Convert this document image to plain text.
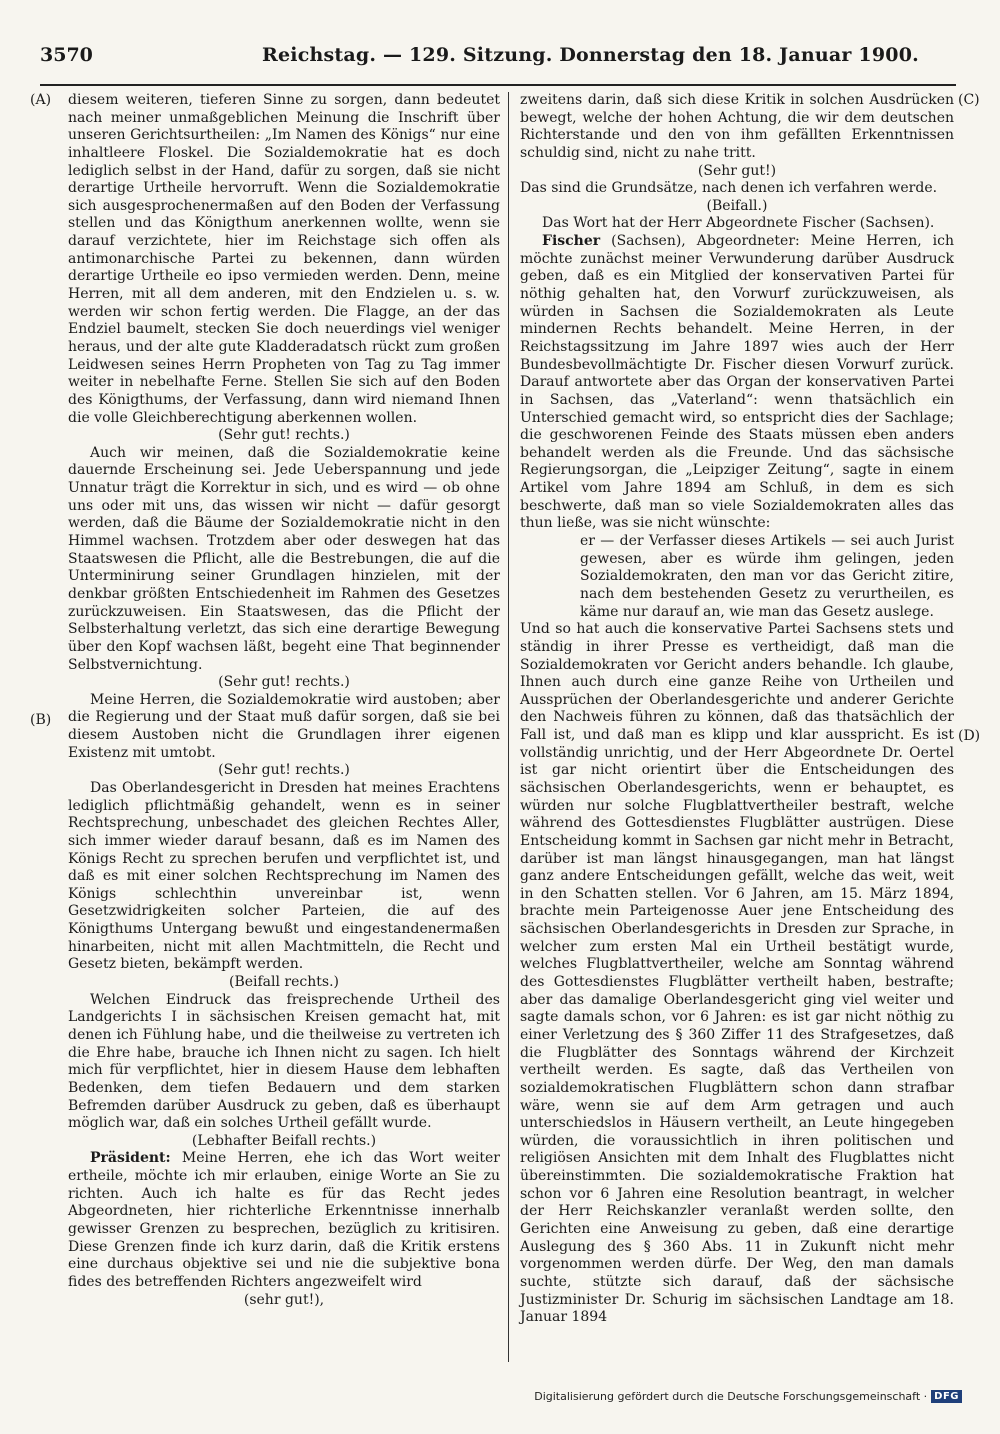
3570	Reichstag. — 129. Sitzung. Donnerstag den 18. Januar 1900.
(A)
(B)
(C)
(D)

diesem weiteren, tieferen Sinne zu sorgen, dann bedeutet nach meiner unmaßgeblichen Meinung die Inschrift über unseren Gerichtsurtheilen: „Im Namen des Königs“ nur eine inhaltleere Floskel. Die Sozialdemokratie hat es doch lediglich selbst in der Hand, dafür zu sorgen, daß sie nicht derartige Urtheile hervorruft. Wenn die Sozialdemokratie sich ausgesprochenermaßen auf den Boden der Verfassung stellen und das Königthum anerkennen wollte, wenn sie darauf verzichtete, hier im Reichstage sich offen als antimonarchische Partei zu bekennen, dann würden derartige Urtheile eo ipso vermieden werden. Denn, meine Herren, mit all dem anderen, mit den Endzielen u. s. w. werden wir schon fertig werden. Die Flagge, an der das Endziel baumelt, stecken Sie doch neuerdings viel weniger heraus, und der alte gute Kladderadatsch rückt zum großen Leidwesen seines Herrn Propheten von Tag zu Tag immer weiter in nebelhafte Ferne. Stellen Sie sich auf den Boden des Königthums, der Verfassung, dann wird niemand Ihnen die volle Gleichberechtigung aberkennen wollen.

(Sehr gut! rechts.)

Auch wir meinen, daß die Sozialdemokratie keine dauernde Erscheinung sei. Jede Ueberspannung und jede Unnatur trägt die Korrektur in sich, und es wird — ob ohne uns oder mit uns, das wissen wir nicht — dafür gesorgt werden, daß die Bäume der Sozialdemokratie nicht in den Himmel wachsen. Trotzdem aber oder deswegen hat das Staatswesen die Pflicht, alle die Bestrebungen, die auf die Unterminirung seiner Grundlagen hinzielen, mit der denkbar größten Entschiedenheit im Rahmen des Gesetzes zurückzuweisen. Ein Staatswesen, das die Pflicht der Selbsterhaltung verletzt, das sich eine derartige Bewegung über den Kopf wachsen läßt, begeht eine That beginnender Selbstvernichtung.

(Sehr gut! rechts.)

Meine Herren, die Sozialdemokratie wird austoben; aber die Regierung und der Staat muß dafür sorgen, daß sie bei diesem Austoben nicht die Grundlagen ihrer eigenen Existenz mit umtobt.

(Sehr gut! rechts.)

Das Oberlandesgericht in Dresden hat meines Erachtens lediglich pflichtmäßig gehandelt, wenn es in seiner Rechtsprechung, unbeschadet des gleichen Rechtes Aller, sich immer wieder darauf besann, daß es im Namen des Königs Recht zu sprechen berufen und verpflichtet ist, und daß es mit einer solchen Rechtsprechung im Namen des Königs schlechthin unvereinbar ist, wenn Gesetzwidrigkeiten solcher Parteien, die auf des Königthums Untergang bewußt und eingestandenermaßen hinarbeiten, nicht mit allen Machtmitteln, die Recht und Gesetz bieten, bekämpft werden.

(Beifall rechts.)

Welchen Eindruck das freisprechende Urtheil des Landgerichts I in sächsischen Kreisen gemacht hat, mit denen ich Fühlung habe, und die theilweise zu vertreten ich die Ehre habe, brauche ich Ihnen nicht zu sagen. Ich hielt mich für verpflichtet, hier in diesem Hause dem lebhaften Bedenken, dem tiefen Bedauern und dem starken Befremden darüber Ausdruck zu geben, daß es überhaupt möglich war, daß ein solches Urtheil gefällt wurde.

(Lebhafter Beifall rechts.)

Präsident: Meine Herren, ehe ich das Wort weiter ertheile, möchte ich mir erlauben, einige Worte an Sie zu richten. Auch ich halte es für das Recht jedes Abgeordneten, hier richterliche Erkenntnisse innerhalb gewisser Grenzen zu besprechen, bezüglich zu kritisiren. Diese Grenzen finde ich kurz darin, daß die Kritik erstens eine durchaus objektive sei und nie die subjektive bona fides des betreffenden Richters angezweifelt wird

(sehr gut!),

zweitens darin, daß sich diese Kritik in solchen Ausdrücken bewegt, welche der hohen Achtung, die wir dem deutschen Richterstande und den von ihm gefällten Erkenntnissen schuldig sind, nicht zu nahe tritt.

(Sehr gut!)

Das sind die Grundsätze, nach denen ich verfahren werde.

(Beifall.)

Das Wort hat der Herr Abgeordnete Fischer (Sachsen).

Fischer (Sachsen), Abgeordneter: Meine Herren, ich möchte zunächst meiner Verwunderung darüber Ausdruck geben, daß es ein Mitglied der konservativen Partei für nöthig gehalten hat, den Vorwurf zurückzuweisen, als würden in Sachsen die Sozialdemokraten als Leute mindernen Rechts behandelt. Meine Herren, in der Reichstagssitzung im Jahre 1897 wies auch der Herr Bundesbevollmächtigte Dr. Fischer diesen Vorwurf zurück. Darauf antwortete aber das Organ der konservativen Partei in Sachsen, das „Vaterland“: wenn thatsächlich ein Unterschied gemacht wird, so entspricht dies der Sachlage; die geschworenen Feinde des Staats müssen eben anders behandelt werden als die Freunde. Und das sächsische Regierungsorgan, die „Leipziger Zeitung“, sagte in einem Artikel vom Jahre 1894 am Schluß, in dem es sich beschwerte, daß man so viele Sozialdemokraten alles das thun ließe, was sie nicht wünschte:

er — der Verfasser dieses Artikels — sei auch Jurist gewesen, aber es würde ihm gelingen, jeden Sozialdemokraten, den man vor das Gericht zitire, nach dem bestehenden Gesetz zu verurtheilen, es käme nur darauf an, wie man das Gesetz auslege.

Und so hat auch die konservative Partei Sachsens stets und ständig in ihrer Presse es vertheidigt, daß man die Sozialdemokraten vor Gericht anders behandle. Ich glaube, Ihnen auch durch eine ganze Reihe von Urtheilen und Aussprüchen der Oberlandesgerichte und anderer Gerichte den Nachweis führen zu können, daß das thatsächlich der Fall ist, und daß man es klipp und klar ausspricht. Es ist vollständig unrichtig, und der Herr Abgeordnete Dr. Oertel ist gar nicht orientirt über die Entscheidungen des sächsischen Oberlandesgerichts, wenn er behauptet, es würden nur solche Flugblattvertheiler bestraft, welche während des Gottesdienstes Flugblätter austrügen. Diese Entscheidung kommt in Sachsen gar nicht mehr in Betracht, darüber ist man längst hinausgegangen, man hat längst ganz andere Entscheidungen gefällt, welche das weit, weit in den Schatten stellen. Vor 6 Jahren, am 15. März 1894, brachte mein Parteigenosse Auer jene Entscheidung des sächsischen Oberlandesgerichts in Dresden zur Sprache, in welcher zum ersten Mal ein Urtheil bestätigt wurde, welches Flugblattvertheiler, welche am Sonntag während des Gottesdienstes Flugblätter vertheilt haben, bestrafte; aber das damalige Oberlandesgericht ging viel weiter und sagte damals schon, vor 6 Jahren: es ist gar nicht nöthig zu einer Verletzung des § 360 Ziffer 11 des Strafgesetzes, daß die Flugblätter des Sonntags während der Kirchzeit vertheilt werden. Es sagte, daß das Vertheilen von sozialdemokratischen Flugblättern schon dann strafbar wäre, wenn sie auf dem Arm getragen und auch unterschiedslos in Häusern vertheilt, an Leute hingegeben würden, die voraussichtlich in ihren politischen und religiösen Ansichten mit dem Inhalt des Flugblattes nicht übereinstimmten. Die sozialdemokratische Fraktion hat schon vor 6 Jahren eine Resolution beantragt, in welcher der Herr Reichskanzler veranlaßt werden sollte, den Gerichten eine Anweisung zu geben, daß eine derartige Auslegung des § 360 Abs. 11 in Zukunft nicht mehr vorgenommen werden dürfe. Der Weg, den man damals suchte, stützte sich darauf, daß der sächsische Justizminister Dr. Schurig im sächsischen Landtage am 18. Januar 1894

Digitalisierung gefördert durch die Deutsche Forschungsgemeinschaft · DFG
